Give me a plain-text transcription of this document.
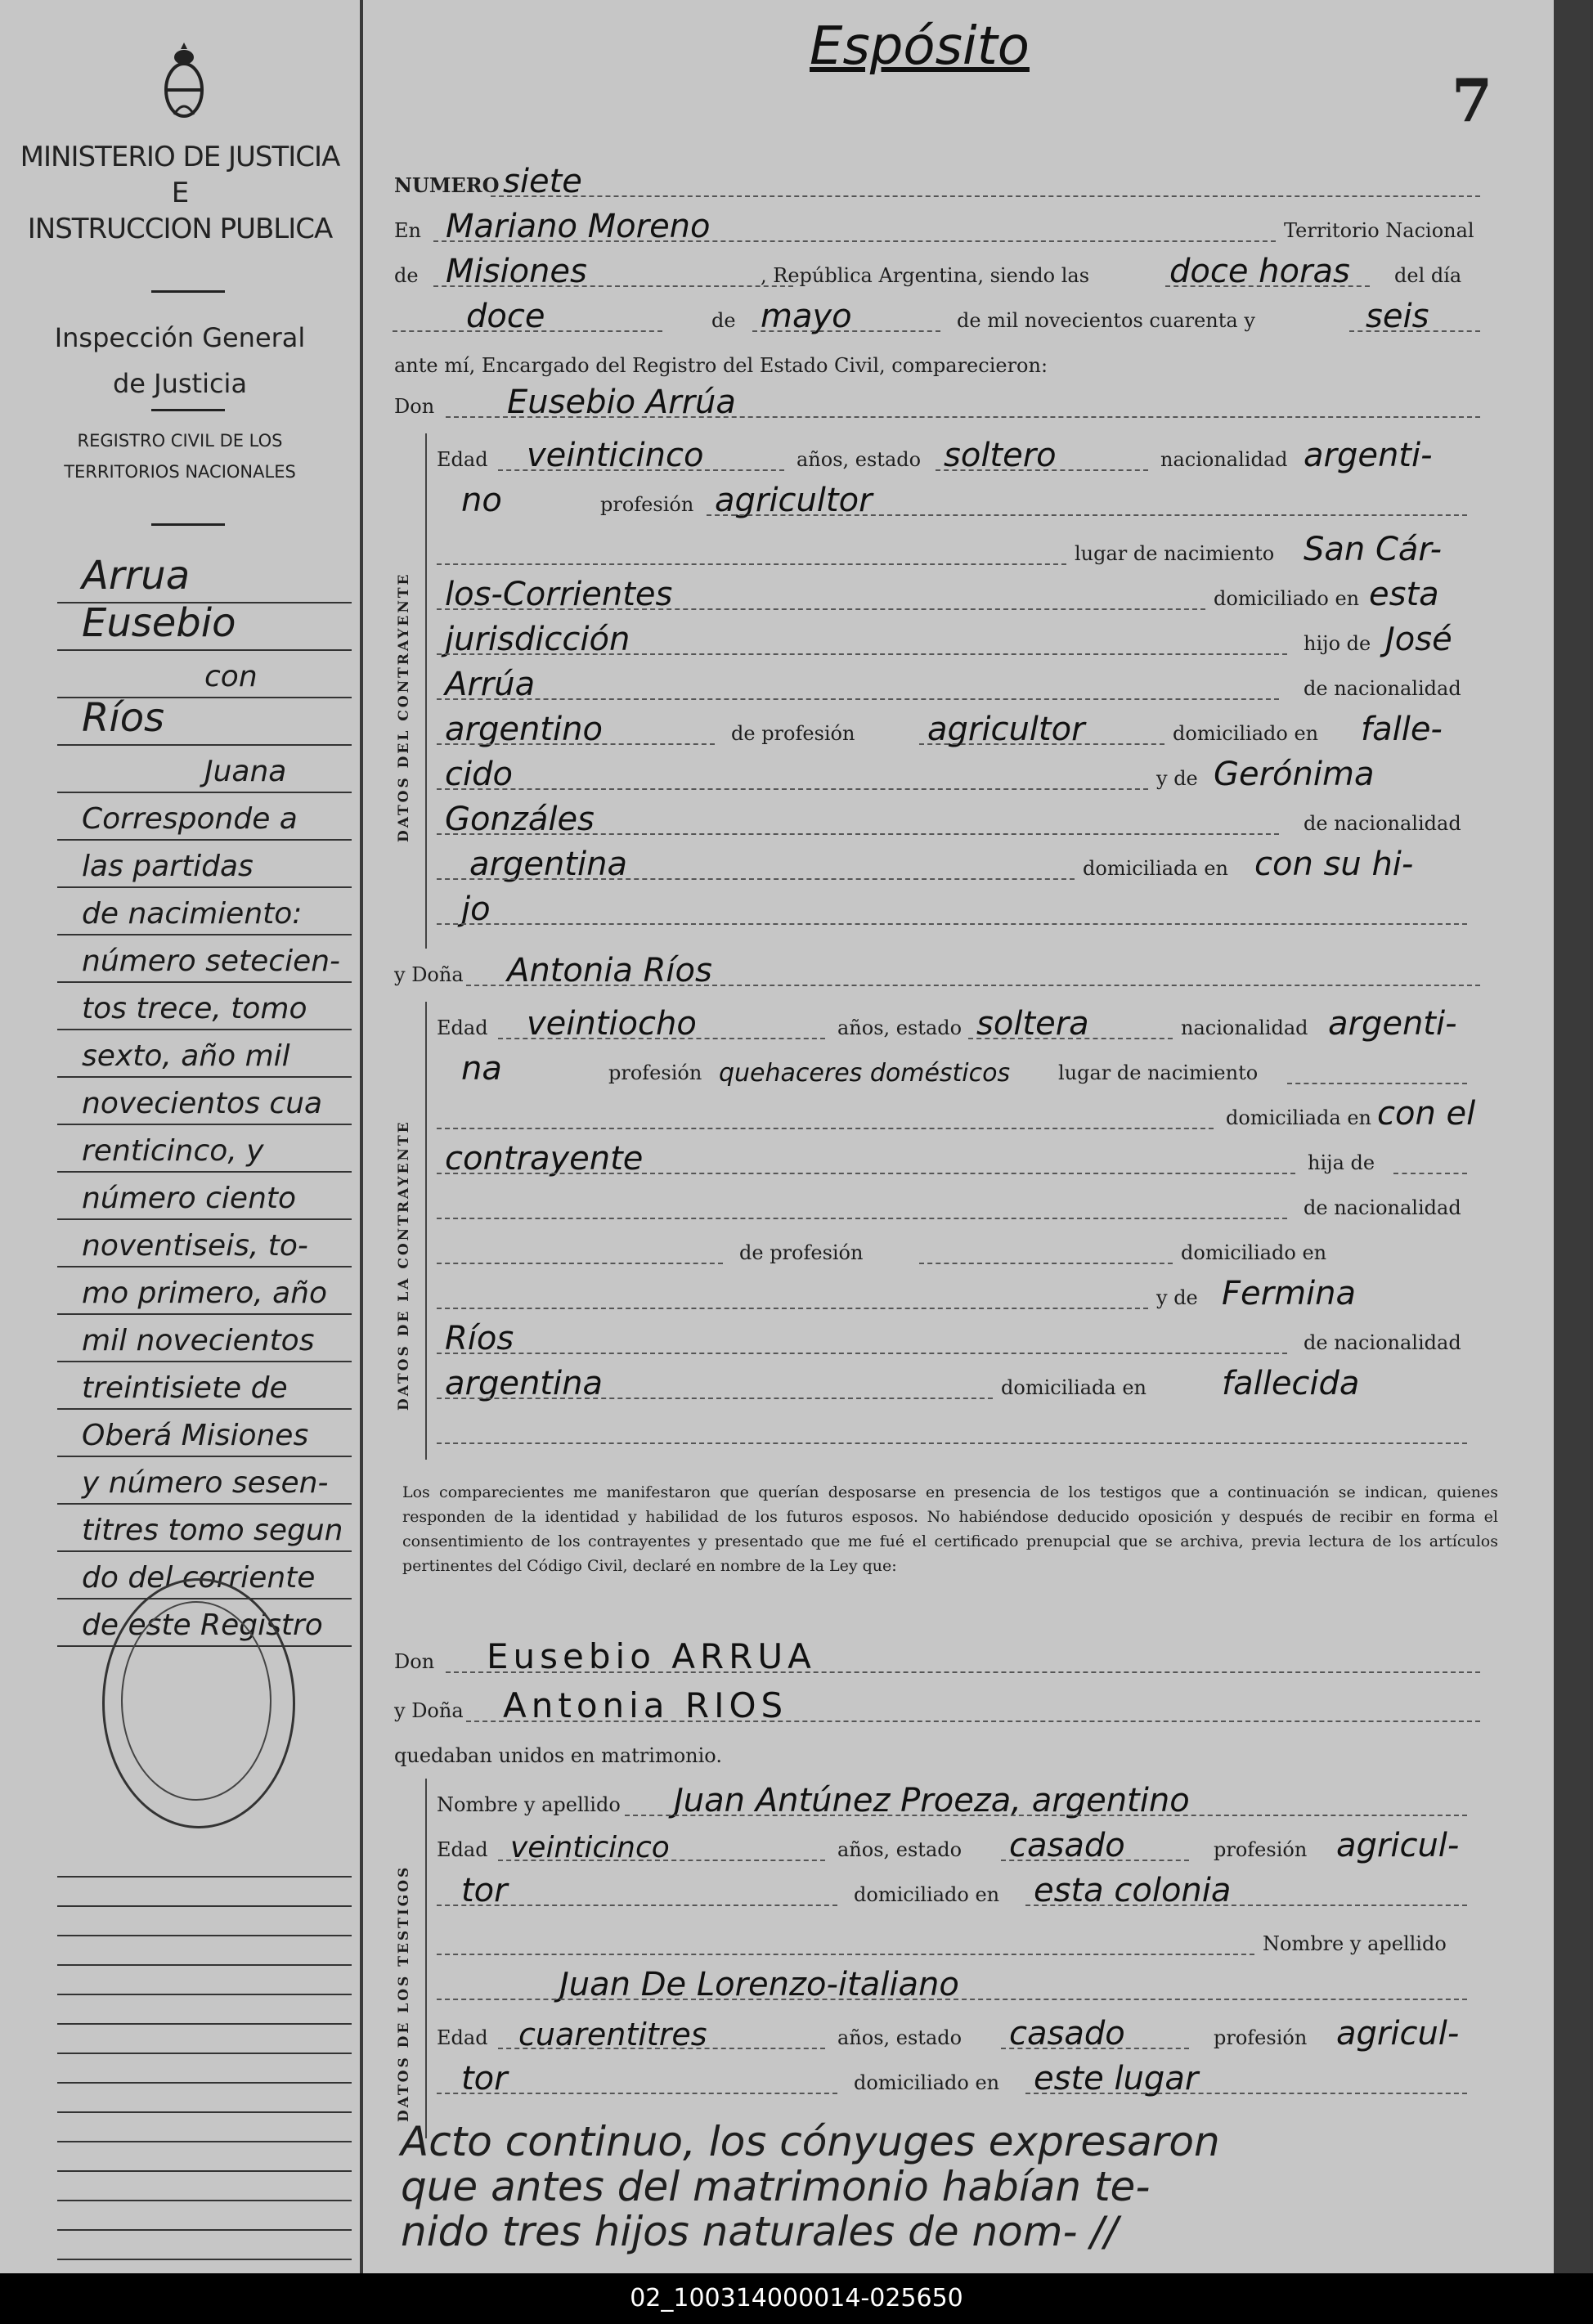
MINISTERIO DE JUSTICIA
E
INSTRUCCION PUBLICA
Inspección General
de Justicia
REGISTRO CIVIL DE LOS
TERRITORIOS NACIONALES
Arrua
Eusebio
con
Ríos
Juana
Corresponde a
las partidas
de nacimiento:
número setecien-
tos trece, tomo
sexto, año mil
novecientos cua
renticinco, y
número ciento
noventiseis, to-
mo primero, año
mil novecientos
treintisiete de
Oberá Misiones
y número sesen-
titres tomo segun
do del corriente
de este Registro
Espósito
7
NUMERO siete
En Mariano Moreno	Territorio Nacional
de Misiones	, República Argentina, siendo las doce horas del día
doce	de mayo	de mil novecientos cuarenta y	seis
ante mí, Encargado del Registro del Estado Civil, comparecieron:
Don Eusebio Arrúa
DATOS DEL CONTRAYENTE
Edad veinticinco	años, estado soltero	nacionalidad argenti-
no	profesión agricultor
lugar de nacimiento San Cár-
los-Corrientes	domiciliado en esta
jurisdicción	hijo de José
Arrúa	de nacionalidad
argentino	de profesión agricultor	domiciliado en falle-
cido	y de Gerónima
Gonzáles	de nacionalidad
argentina	domiciliada en con su hi-
jo
y Doña Antonia Ríos
DATOS DE LA CONTRAYENTE
Edad veintiocho	años, estado soltera	nacionalidad argenti-
na	profesión quehaceres domésticos lugar de nacimiento
domiciliada en con el
contrayente	hija de
de nacionalidad
de profesión	domiciliado en
y de Fermina
Ríos	de nacionalidad
argentina	domiciliada en fallecida
Los comparecientes me manifestaron que querían desposarse en presencia de los testigos que a continuación se indican, quienes responden de la identidad y habilidad de los futuros esposos. No habiéndose deducido oposición y después de recibir en forma el consentimiento de los contrayentes y presentado que me fué el certificado prenupcial que se archiva, previa lectura de los artículos pertinentes del Código Civil, declaré en nombre de la Ley que:
Don Eusebio ARRUA
y Doña Antonia RIOS
quedaban unidos en matrimonio.
DATOS DE LOS TESTIGOS
Nombre y apellido Juan Antúnez Proeza, argentino
Edad veinticinco	años, estado casado	profesión agricul-
tor	domiciliado en esta colonia
Nombre y apellido
Juan De Lorenzo-italiano
Edad cuarentitres	años, estado casado	profesión agricul-
tor	domiciliado en este lugar
Acto continuo, los cónyuges expresaron
que antes del matrimonio habían te-
nido tres hijos naturales de nom- //
02_100314000014-025650
